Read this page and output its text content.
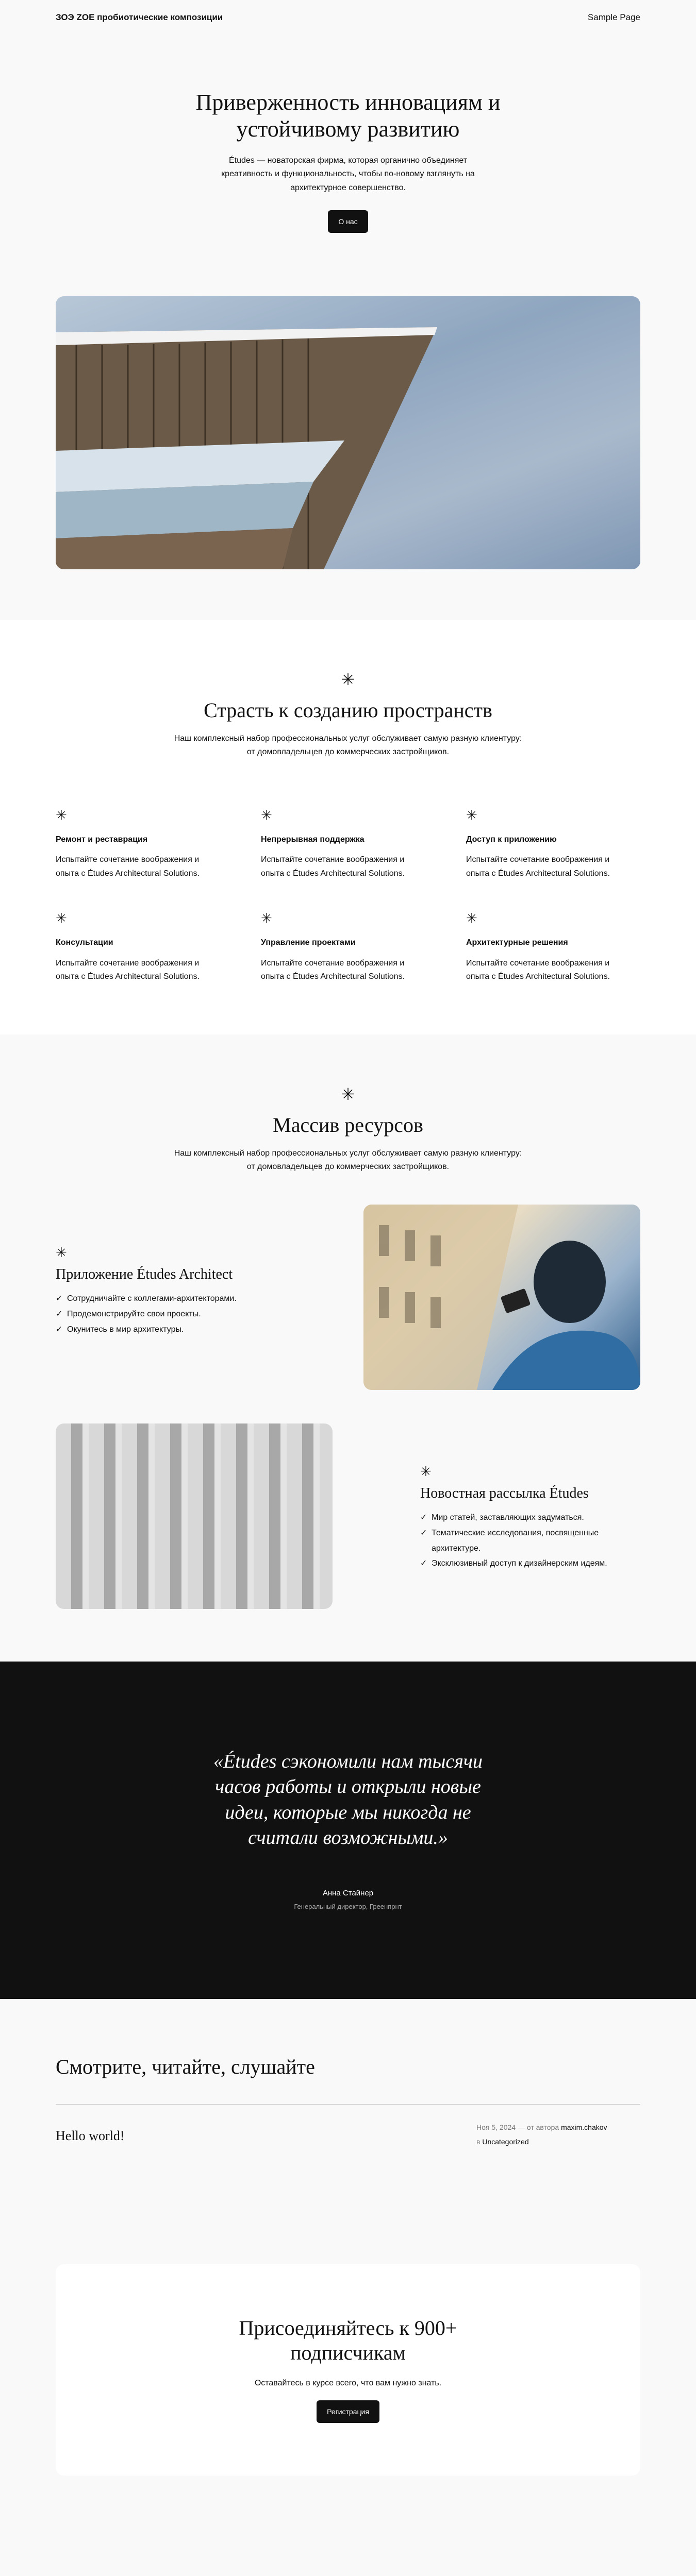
ЗОЭ ZOE пробиотические композиции	Sample Page
Приверженность инновациям и устойчивому развитию

Études — новаторская фирма, которая органично объединяет креативность и функциональность, чтобы по-новому взглянуть на архитектурное совершенство.

О нас
✳
Страсть к созданию пространств

Наш комплексный набор профессиональных услуг обслуживает самую разную клиентуру: от домовладельцев до коммерческих застройщиков.

✳
Ремонт и реставрация

Испытайте сочетание воображения и опыта с Études Architectural Solutions.

✳
Непрерывная поддержка

Испытайте сочетание воображения и опыта с Études Architectural Solutions.

✳
Доступ к приложению

Испытайте сочетание воображения и опыта с Études Architectural Solutions.

✳
Консультации

Испытайте сочетание воображения и опыта с Études Architectural Solutions.

✳
Управление проектами

Испытайте сочетание воображения и опыта с Études Architectural Solutions.

✳
Архитектурные решения

Испытайте сочетание воображения и опыта с Études Architectural Solutions.

✳
Массив ресурсов

Наш комплексный набор профессиональных услуг обслуживает самую разную клиентуру: от домовладельцев до коммерческих застройщиков.

✳
Приложение Études Architect
✓ Сотрудничайте с коллегами-архитекторами.
✓ Продемонстрируйте свои проекты.
✓ Окунитесь в мир архитектуры.
✳
Новостная рассылка Études
✓ Мир статей, заставляющих задуматься.
✓ Тематические исследования, посвященные архитектуре.
✓ Эксклюзивный доступ к дизайнерским идеям.
«Études сэкономили нам тысячи часов работы и открыли новые идеи, которые мы никогда не считали возможными.»
Анна Стайнер
Генеральный директор, Греенпрнт
Смотрите, читайте, слушайте
Hello world!
Ноя 5, 2024 — от автора maxim.chakov
в Uncategorized
Присоединяйтесь к 900+ подписчикам

Оставайтесь в курсе всего, что вам нужно знать.

Регистрация
